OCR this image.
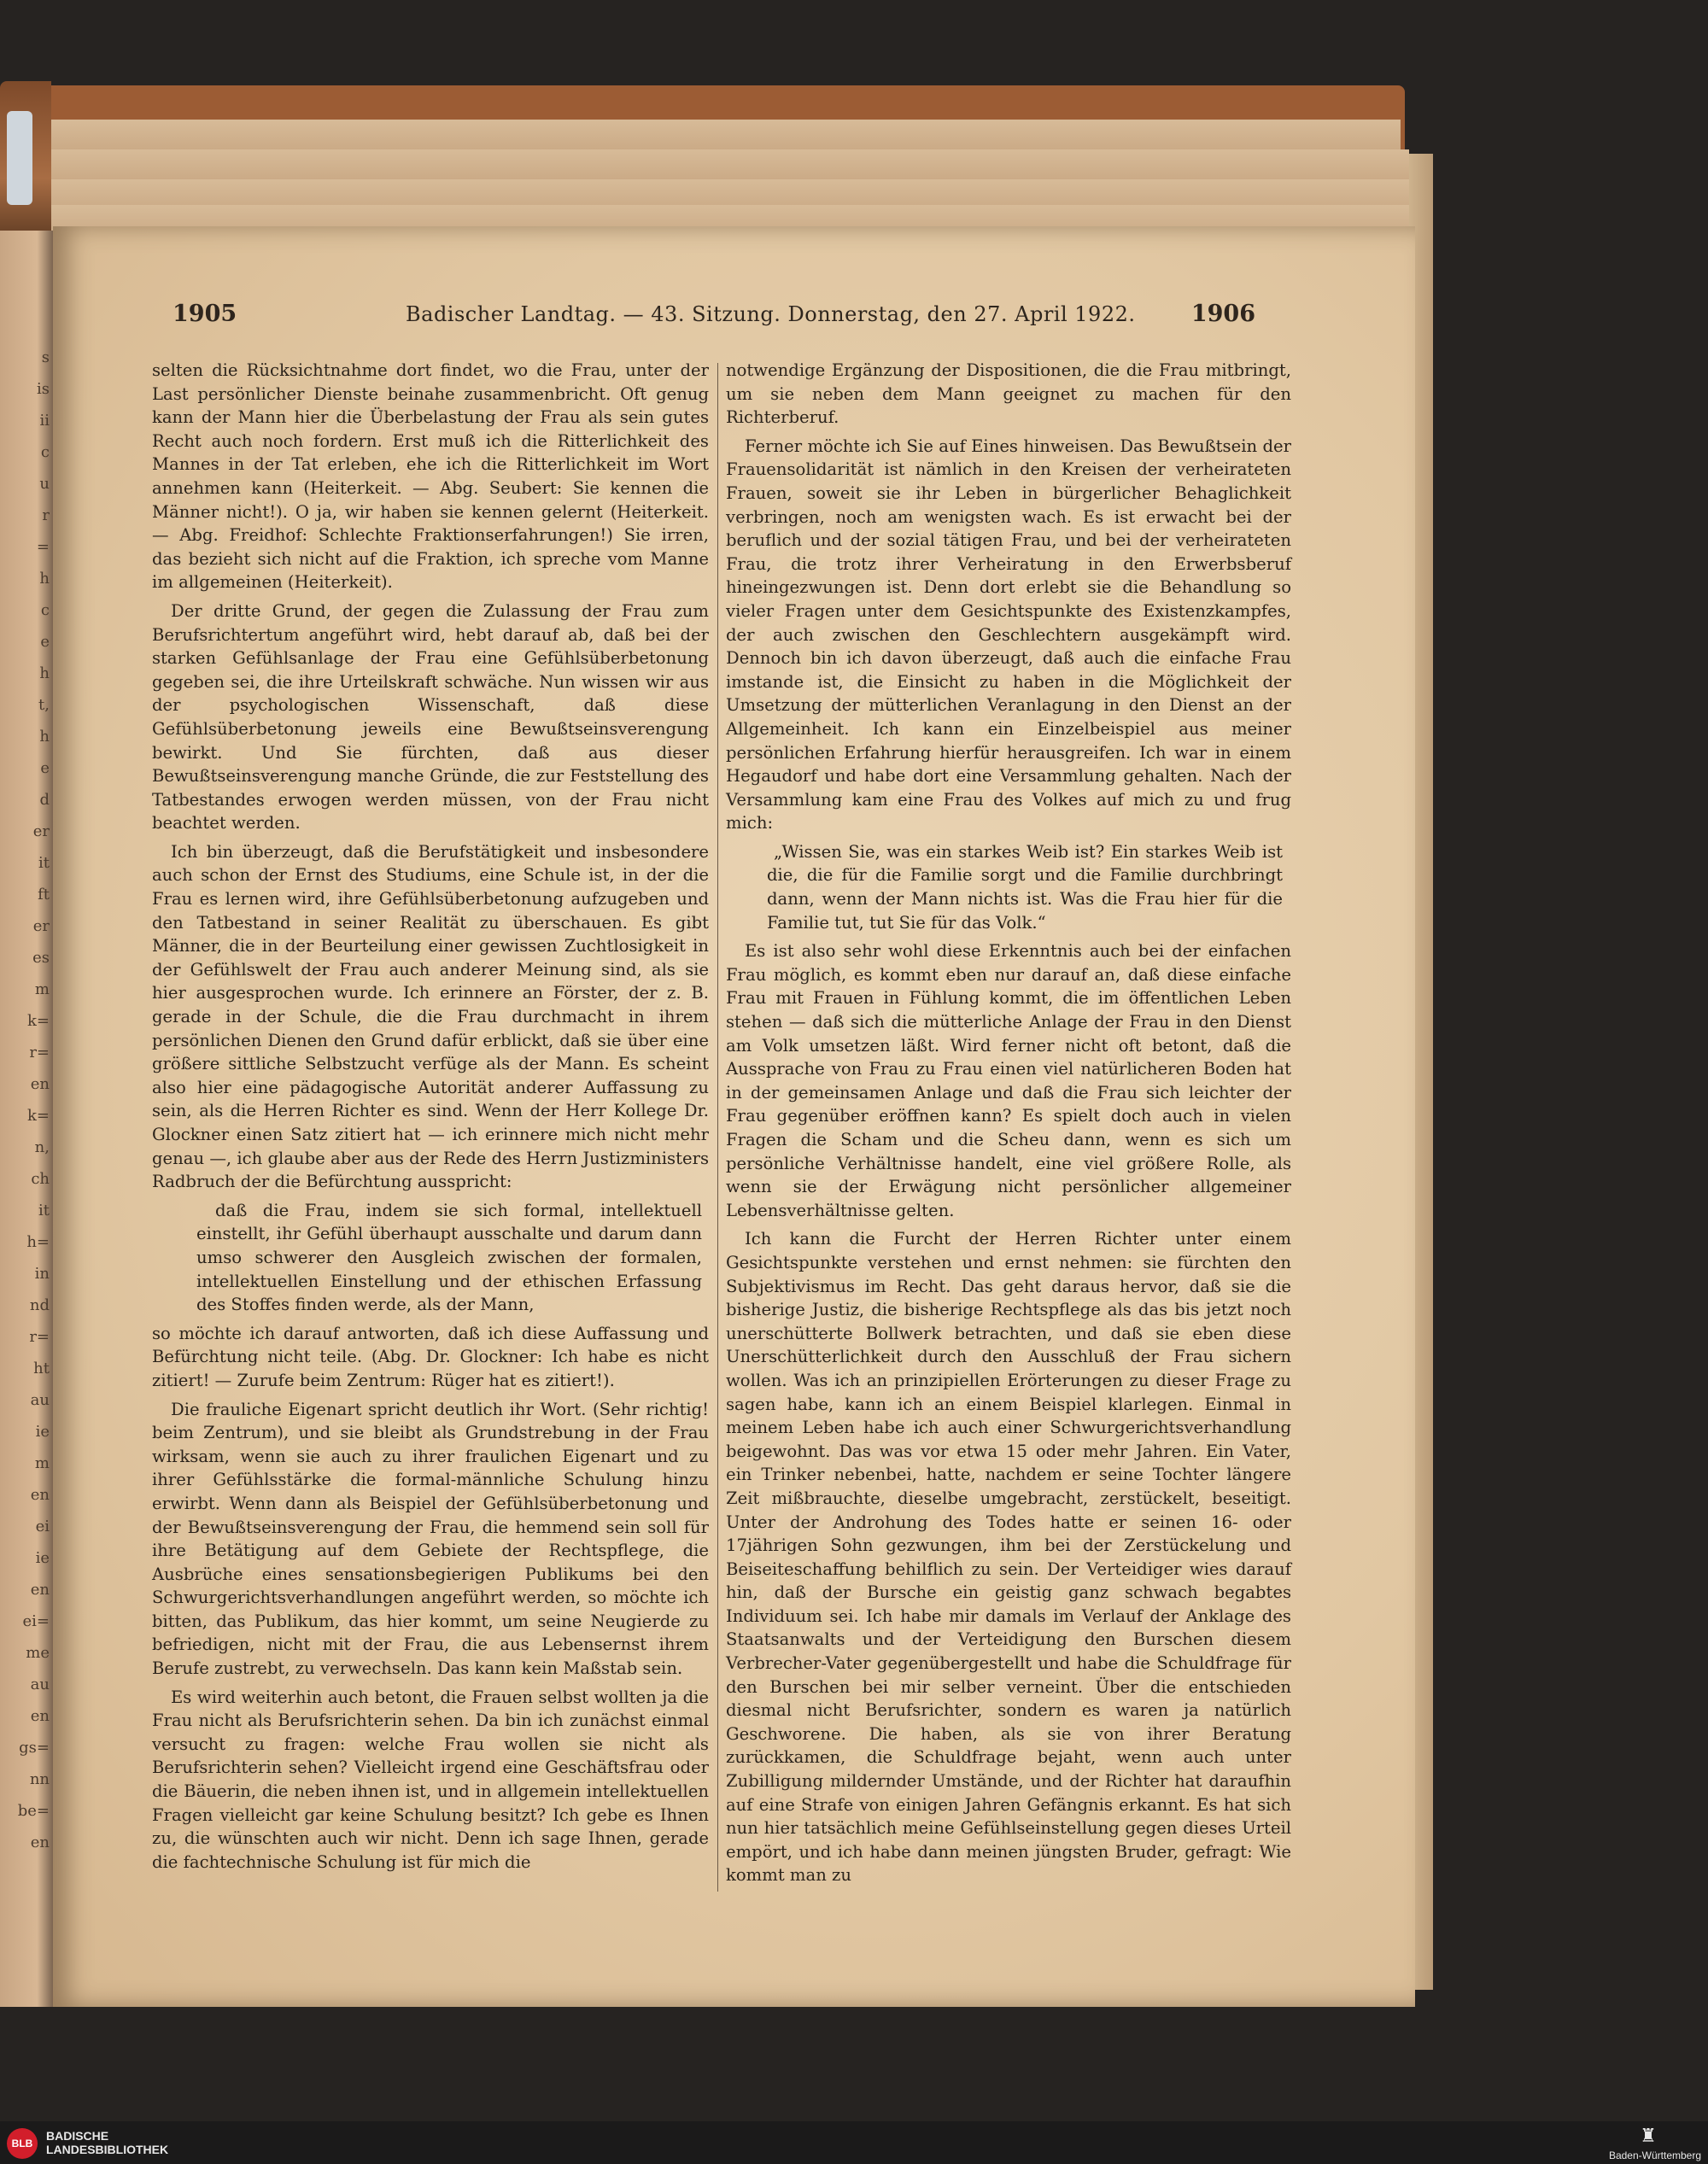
s
is
ii
c
u
r
=
h
c
e
h
t,
h
e
d
er
it
ft
er
es
m
k=
r=
en
k=
n,
ch
it
h=
in
nd
r=
ht
au
ie
m
en
ei
ie
en
ei=
me
au
en
gs=
nn
be=
en
1905	Badischer Landtag. — 43. Sitzung. Donnerstag, den 27. April 1922. 1906

selten die Rücksichtnahme dort findet, wo die Frau, unter der Last persönlicher Dienste beinahe zusammenbricht. Oft genug kann der Mann hier die Überbelastung der Frau als sein gutes Recht auch noch fordern. Erst muß ich die Ritterlichkeit des Mannes in der Tat erleben, ehe ich die Ritterlichkeit im Wort annehmen kann (Heiterkeit. — Abg. Seubert: Sie kennen die Männer nicht!). O ja, wir haben sie kennen gelernt (Heiterkeit. — Abg. Freidhof: Schlechte Fraktionserfahrungen!) Sie irren, das bezieht sich nicht auf die Fraktion, ich spreche vom Manne im allgemeinen (Heiterkeit).

Der dritte Grund, der gegen die Zulassung der Frau zum Berufsrichtertum angeführt wird, hebt darauf ab, daß bei der starken Gefühlsanlage der Frau eine Gefühlsüberbetonung gegeben sei, die ihre Urteilskraft schwäche. Nun wissen wir aus der psychologischen Wissenschaft, daß diese Gefühlsüberbetonung jeweils eine Bewußtseinsverengung bewirkt. Und Sie fürchten, daß aus dieser Bewußtseinsverengung manche Gründe, die zur Feststellung des Tatbestandes erwogen werden müssen, von der Frau nicht beachtet werden.

Ich bin überzeugt, daß die Berufstätigkeit und insbesondere auch schon der Ernst des Studiums, eine Schule ist, in der die Frau es lernen wird, ihre Gefühlsüberbetonung aufzugeben und den Tatbestand in seiner Realität zu überschauen. Es gibt Männer, die in der Beurteilung einer gewissen Zuchtlosigkeit in der Gefühlswelt der Frau auch anderer Meinung sind, als sie hier ausgesprochen wurde. Ich erinnere an Förster, der z. B. gerade in der Schule, die die Frau durchmacht in ihrem persönlichen Dienen den Grund dafür erblickt, daß sie über eine größere sittliche Selbstzucht verfüge als der Mann. Es scheint also hier eine pädagogische Autorität anderer Auffassung zu sein, als die Herren Richter es sind. Wenn der Herr Kollege Dr. Glockner einen Satz zitiert hat — ich erinnere mich nicht mehr genau —, ich glaube aber aus der Rede des Herrn Justizministers Radbruch der die Befürchtung ausspricht:

daß die Frau, indem sie sich formal, intellektuell einstellt, ihr Gefühl überhaupt ausschalte und darum dann umso schwerer den Ausgleich zwischen der formalen, intellektuellen Einstellung und der ethischen Erfassung des Stoffes finden werde, als der Mann,

so möchte ich darauf antworten, daß ich diese Auffassung und Befürchtung nicht teile. (Abg. Dr. Glockner: Ich habe es nicht zitiert! — Zurufe beim Zentrum: Rüger hat es zitiert!).

Die frauliche Eigenart spricht deutlich ihr Wort. (Sehr richtig! beim Zentrum), und sie bleibt als Grundstrebung in der Frau wirksam, wenn sie auch zu ihrer fraulichen Eigenart und zu ihrer Gefühlsstärke die formal-männliche Schulung hinzu erwirbt. Wenn dann als Beispiel der Gefühlsüberbetonung und der Bewußtseinsverengung der Frau, die hemmend sein soll für ihre Betätigung auf dem Gebiete der Rechtspflege, die Ausbrüche eines sensationsbegierigen Publikums bei den Schwurgerichtsverhandlungen angeführt werden, so möchte ich bitten, das Publikum, das hier kommt, um seine Neugierde zu befriedigen, nicht mit der Frau, die aus Lebensernst ihrem Berufe zustrebt, zu verwechseln. Das kann kein Maßstab sein.

Es wird weiterhin auch betont, die Frauen selbst wollten ja die Frau nicht als Berufsrichterin sehen. Da bin ich zunächst einmal versucht zu fragen: welche Frau wollen sie nicht als Berufsrichterin sehen? Vielleicht irgend eine Geschäftsfrau oder die Bäuerin, die neben ihnen ist, und in allgemein intellektuellen Fragen vielleicht gar keine Schulung besitzt? Ich gebe es Ihnen zu, die wünschten auch wir nicht. Denn ich sage Ihnen, gerade die fachtechnische Schulung ist für mich die

notwendige Ergänzung der Dispositionen, die die Frau mitbringt, um sie neben dem Mann geeignet zu machen für den Richterberuf.

Ferner möchte ich Sie auf Eines hinweisen. Das Bewußtsein der Frauensolidarität ist nämlich in den Kreisen der verheirateten Frauen, soweit sie ihr Leben in bürgerlicher Behaglichkeit verbringen, noch am wenigsten wach. Es ist erwacht bei der beruflich und der sozial tätigen Frau, und bei der verheirateten Frau, die trotz ihrer Verheiratung in den Erwerbsberuf hineingezwungen ist. Denn dort erlebt sie die Behandlung so vieler Fragen unter dem Gesichtspunkte des Existenzkampfes, der auch zwischen den Geschlechtern ausgekämpft wird. Dennoch bin ich davon überzeugt, daß auch die einfache Frau imstande ist, die Einsicht zu haben in die Möglichkeit der Umsetzung der mütterlichen Veranlagung in den Dienst an der Allgemeinheit. Ich kann ein Einzelbeispiel aus meiner persönlichen Erfahrung hierfür herausgreifen. Ich war in einem Hegaudorf und habe dort eine Versammlung gehalten. Nach der Versammlung kam eine Frau des Volkes auf mich zu und frug mich:

„Wissen Sie, was ein starkes Weib ist? Ein starkes Weib ist die, die für die Familie sorgt und die Familie durchbringt dann, wenn der Mann nichts ist. Was die Frau hier für die Familie tut, tut Sie für das Volk.“

Es ist also sehr wohl diese Erkenntnis auch bei der einfachen Frau möglich, es kommt eben nur darauf an, daß diese einfache Frau mit Frauen in Fühlung kommt, die im öffentlichen Leben stehen — daß sich die mütterliche Anlage der Frau in den Dienst am Volk umsetzen läßt. Wird ferner nicht oft betont, daß die Aussprache von Frau zu Frau einen viel natürlicheren Boden hat in der gemeinsamen Anlage und daß die Frau sich leichter der Frau gegenüber eröffnen kann? Es spielt doch auch in vielen Fragen die Scham und die Scheu dann, wenn es sich um persönliche Verhältnisse handelt, eine viel größere Rolle, als wenn sie der Erwägung nicht persönlicher allgemeiner Lebensverhältnisse gelten.

Ich kann die Furcht der Herren Richter unter einem Gesichtspunkte verstehen und ernst nehmen: sie fürchten den Subjektivismus im Recht. Das geht daraus hervor, daß sie die bisherige Justiz, die bisherige Rechtspflege als das bis jetzt noch unerschütterte Bollwerk betrachten, und daß sie eben diese Unerschütterlichkeit durch den Ausschluß der Frau sichern wollen. Was ich an prinzipiellen Erörterungen zu dieser Frage zu sagen habe, kann ich an einem Beispiel klarlegen. Einmal in meinem Leben habe ich auch einer Schwurgerichtsverhandlung beigewohnt. Das was vor etwa 15 oder mehr Jahren. Ein Vater, ein Trinker nebenbei, hatte, nachdem er seine Tochter längere Zeit mißbrauchte, dieselbe umgebracht, zerstückelt, beseitigt. Unter der Androhung des Todes hatte er seinen 16- oder 17jährigen Sohn gezwungen, ihm bei der Zerstückelung und Beiseiteschaffung behilflich zu sein. Der Verteidiger wies darauf hin, daß der Bursche ein geistig ganz schwach begabtes Individuum sei. Ich habe mir damals im Verlauf der Anklage des Staatsanwalts und der Verteidigung den Burschen diesem Verbrecher-Vater gegenübergestellt und habe die Schuldfrage für den Burschen bei mir selber verneint. Über die entschieden diesmal nicht Berufsrichter, sondern es waren ja natürlich Geschworene. Die haben, als sie von ihrer Beratung zurückkamen, die Schuldfrage bejaht, wenn auch unter Zubilligung mildernder Umstände, und der Richter hat daraufhin auf eine Strafe von einigen Jahren Gefängnis erkannt. Es hat sich nun hier tatsächlich meine Gefühlseinstellung gegen dieses Urteil empört, und ich habe dann meinen jüngsten Bruder, gefragt: Wie kommt man zu

BLB
BADISCHE
LANDESBIBLIOTHEK
♜
Baden-Württemberg
